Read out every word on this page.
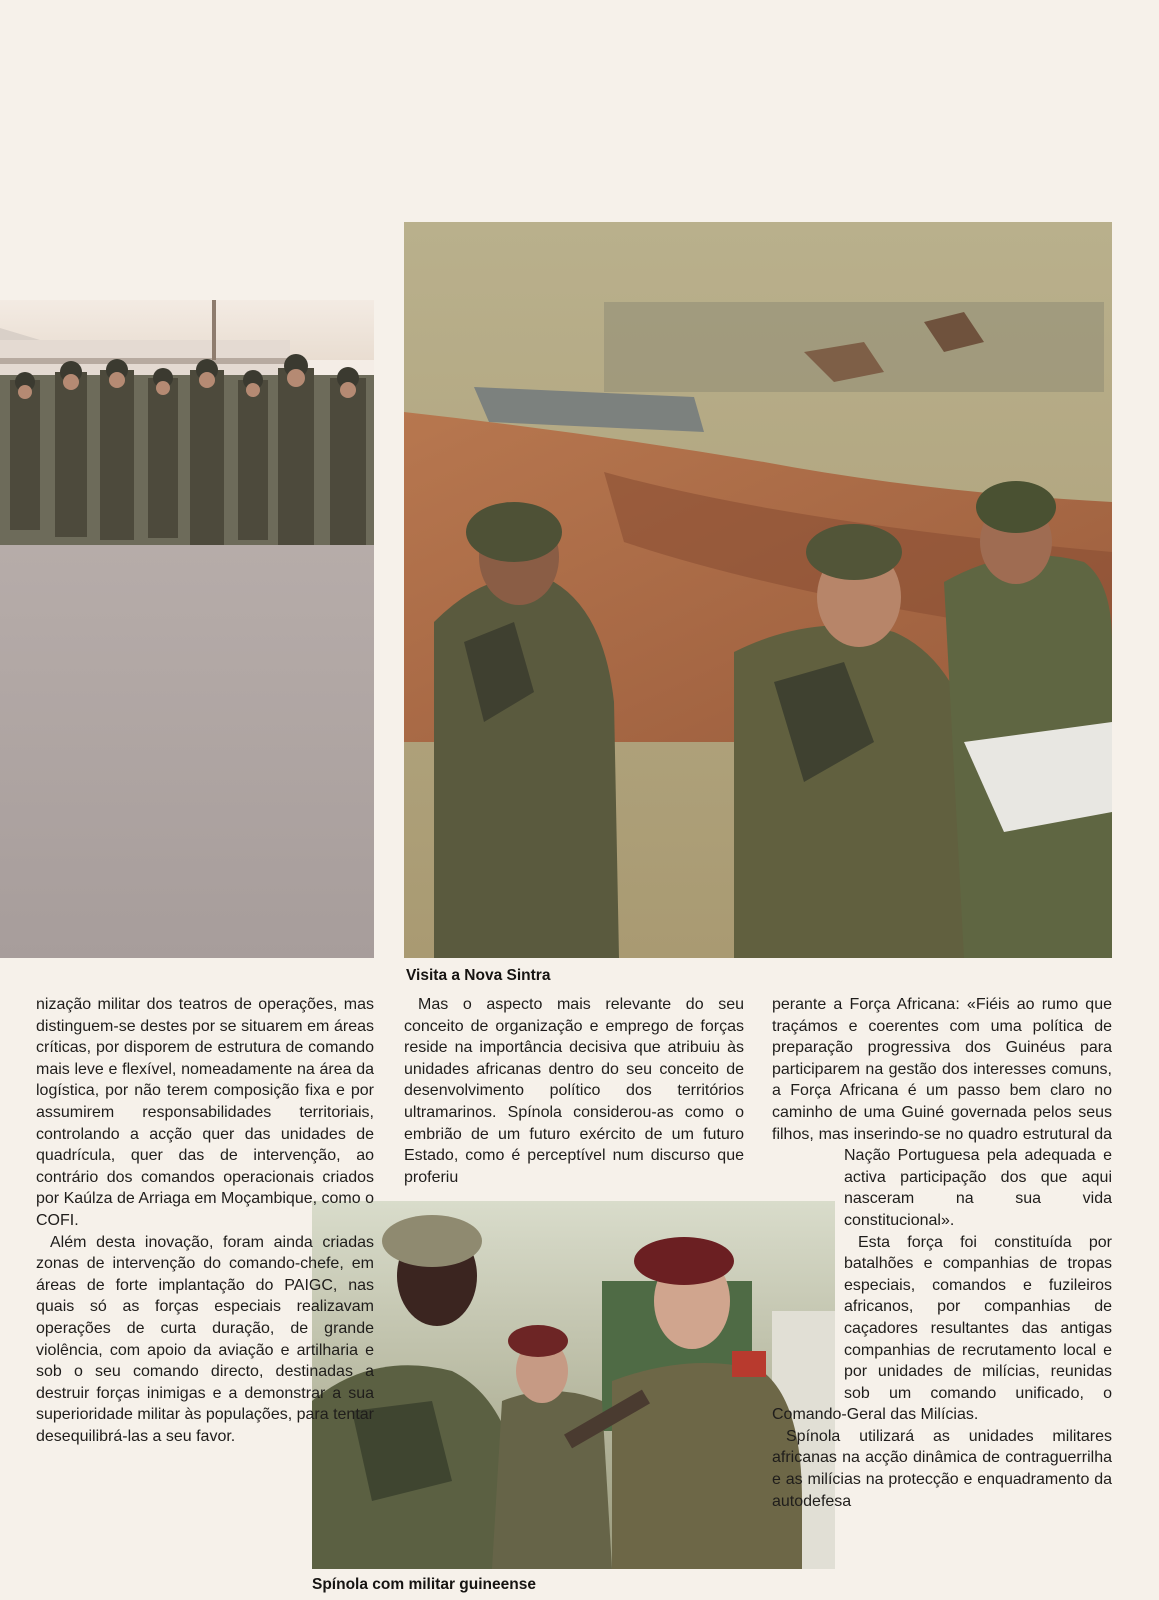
Visita a Nova Sintra
Spínola com militar guineense

nização militar dos teatros de operações, mas distinguem-se destes por se situarem em áreas críticas, por disporem de estrutura de comando mais leve e flexível, nomeadamente na área da logística, por não terem composição fixa e por assumirem responsabilidades territoriais, controlando a acção quer das unidades de quadrícula, quer das de intervenção, ao contrário dos comandos operacionais criados por Kaúlza de Arriaga em Moçambique, como o COFI.

Além desta inovação, foram ainda criadas zonas de intervenção do comando-chefe, em áreas de forte implantação do PAIGC, nas quais só as forças especiais realizavam operações de curta duração, de grande violência, com apoio da aviação e artilharia e sob o seu comando directo, destinadas a destruir forças inimigas e a demonstrar a sua superioridade militar às populações, para tentar desequilibrá-las a seu favor.

Mas o aspecto mais relevante do seu conceito de organização e emprego de forças reside na importância decisiva que atribuiu às unidades africanas dentro do seu conceito de desenvolvimento político dos territórios ultramarinos. Spínola considerou-as como o embrião de um futuro exército de um futuro Estado, como é perceptível num discurso que proferiu

perante a Força Africana: «Fiéis ao rumo que traçámos e coerentes com uma política de preparação progressiva dos Guinéus para participarem na gestão dos interesses comuns, a Força Africana é um passo bem claro no caminho de uma Guiné governada pelos seus filhos, mas inserindo-se no quadro estrutural da Nação Portuguesa pela adequada e activa participação dos que aqui nasceram na sua vida constitucional».

Esta força foi constituída por batalhões e companhias de tropas especiais, comandos e fuzileiros africanos, por companhias de caçadores resultantes das antigas companhias de recrutamento local e por unidades de milícias, reunidas sob um comando unificado, o Comando-Geral das Milícias.

Spínola utilizará as unidades militares africanas na acção dinâmica de contraguerrilha e as milícias na protecção e enquadramento da autodefesa
